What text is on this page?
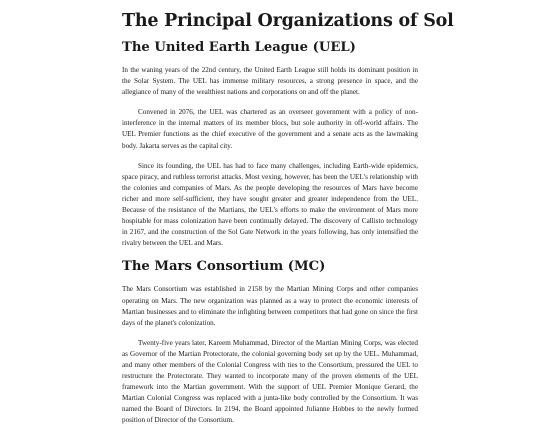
The Principal Organizations of Sol
The United Earth League (UEL)

In the waning years of the 22nd century, the United Earth League still holds its dominant position in the Solar System. The UEL has immense military resources, a strong presence in space, and the allegiance of many of the wealthiest nations and corporations on and off the planet.

Convened in 2076, the UEL was chartered as an overseer government with a policy of non-interference in the internal matters of its member blocs, but sole authority in off-world affairs. The UEL Premier functions as the chief executive of the government and a senate acts as the lawmaking body. Jakarta serves as the capital city.

Since its founding, the UEL has had to face many challenges, including Earth-wide epidemics, space piracy, and ruthless terrorist attacks. Most vexing, however, has been the UEL's relationship with the colonies and companies of Mars. As the people developing the resources of Mars have become richer and more self-sufficient, they have sought greater and greater independence from the UEL. Because of the resistance of the Martians, the UEL's efforts to make the environment of Mars more hospitable for mass colonization have been continually delayed. The discovery of Callisto technology in 2167, and the construction of the Sol Gate Network in the years following, has only intensified the rivalry between the UEL and Mars.

The Mars Consortium (MC)

The Mars Consortium was established in 2158 by the Martian Mining Corps and other companies operating on Mars. The new organization was planned as a way to protect the economic interests of Martian businesses and to eliminate the infighting between competitors that had gone on since the first days of the planet's colonization.

Twenty-five years later, Kareem Muhammad, Director of the Martian Mining Corps, was elected as Governor of the Martian Protectorate, the colonial governing body set up by the UEL. Muhammad, and many other members of the Colonial Congress with ties to the Consortium, pressured the UEL to restructure the Protectorate. They wanted to incorporate many of the proven elements of the UEL framework into the Martian government. With the support of UEL Premier Monique Gerard, the Martian Colonial Congress was replaced with a junta-like body controlled by the Consortium. It was named the Board of Directors. In 2194, the Board appointed Julianne Hobbes to the newly formed position of Director of the Consortium.
